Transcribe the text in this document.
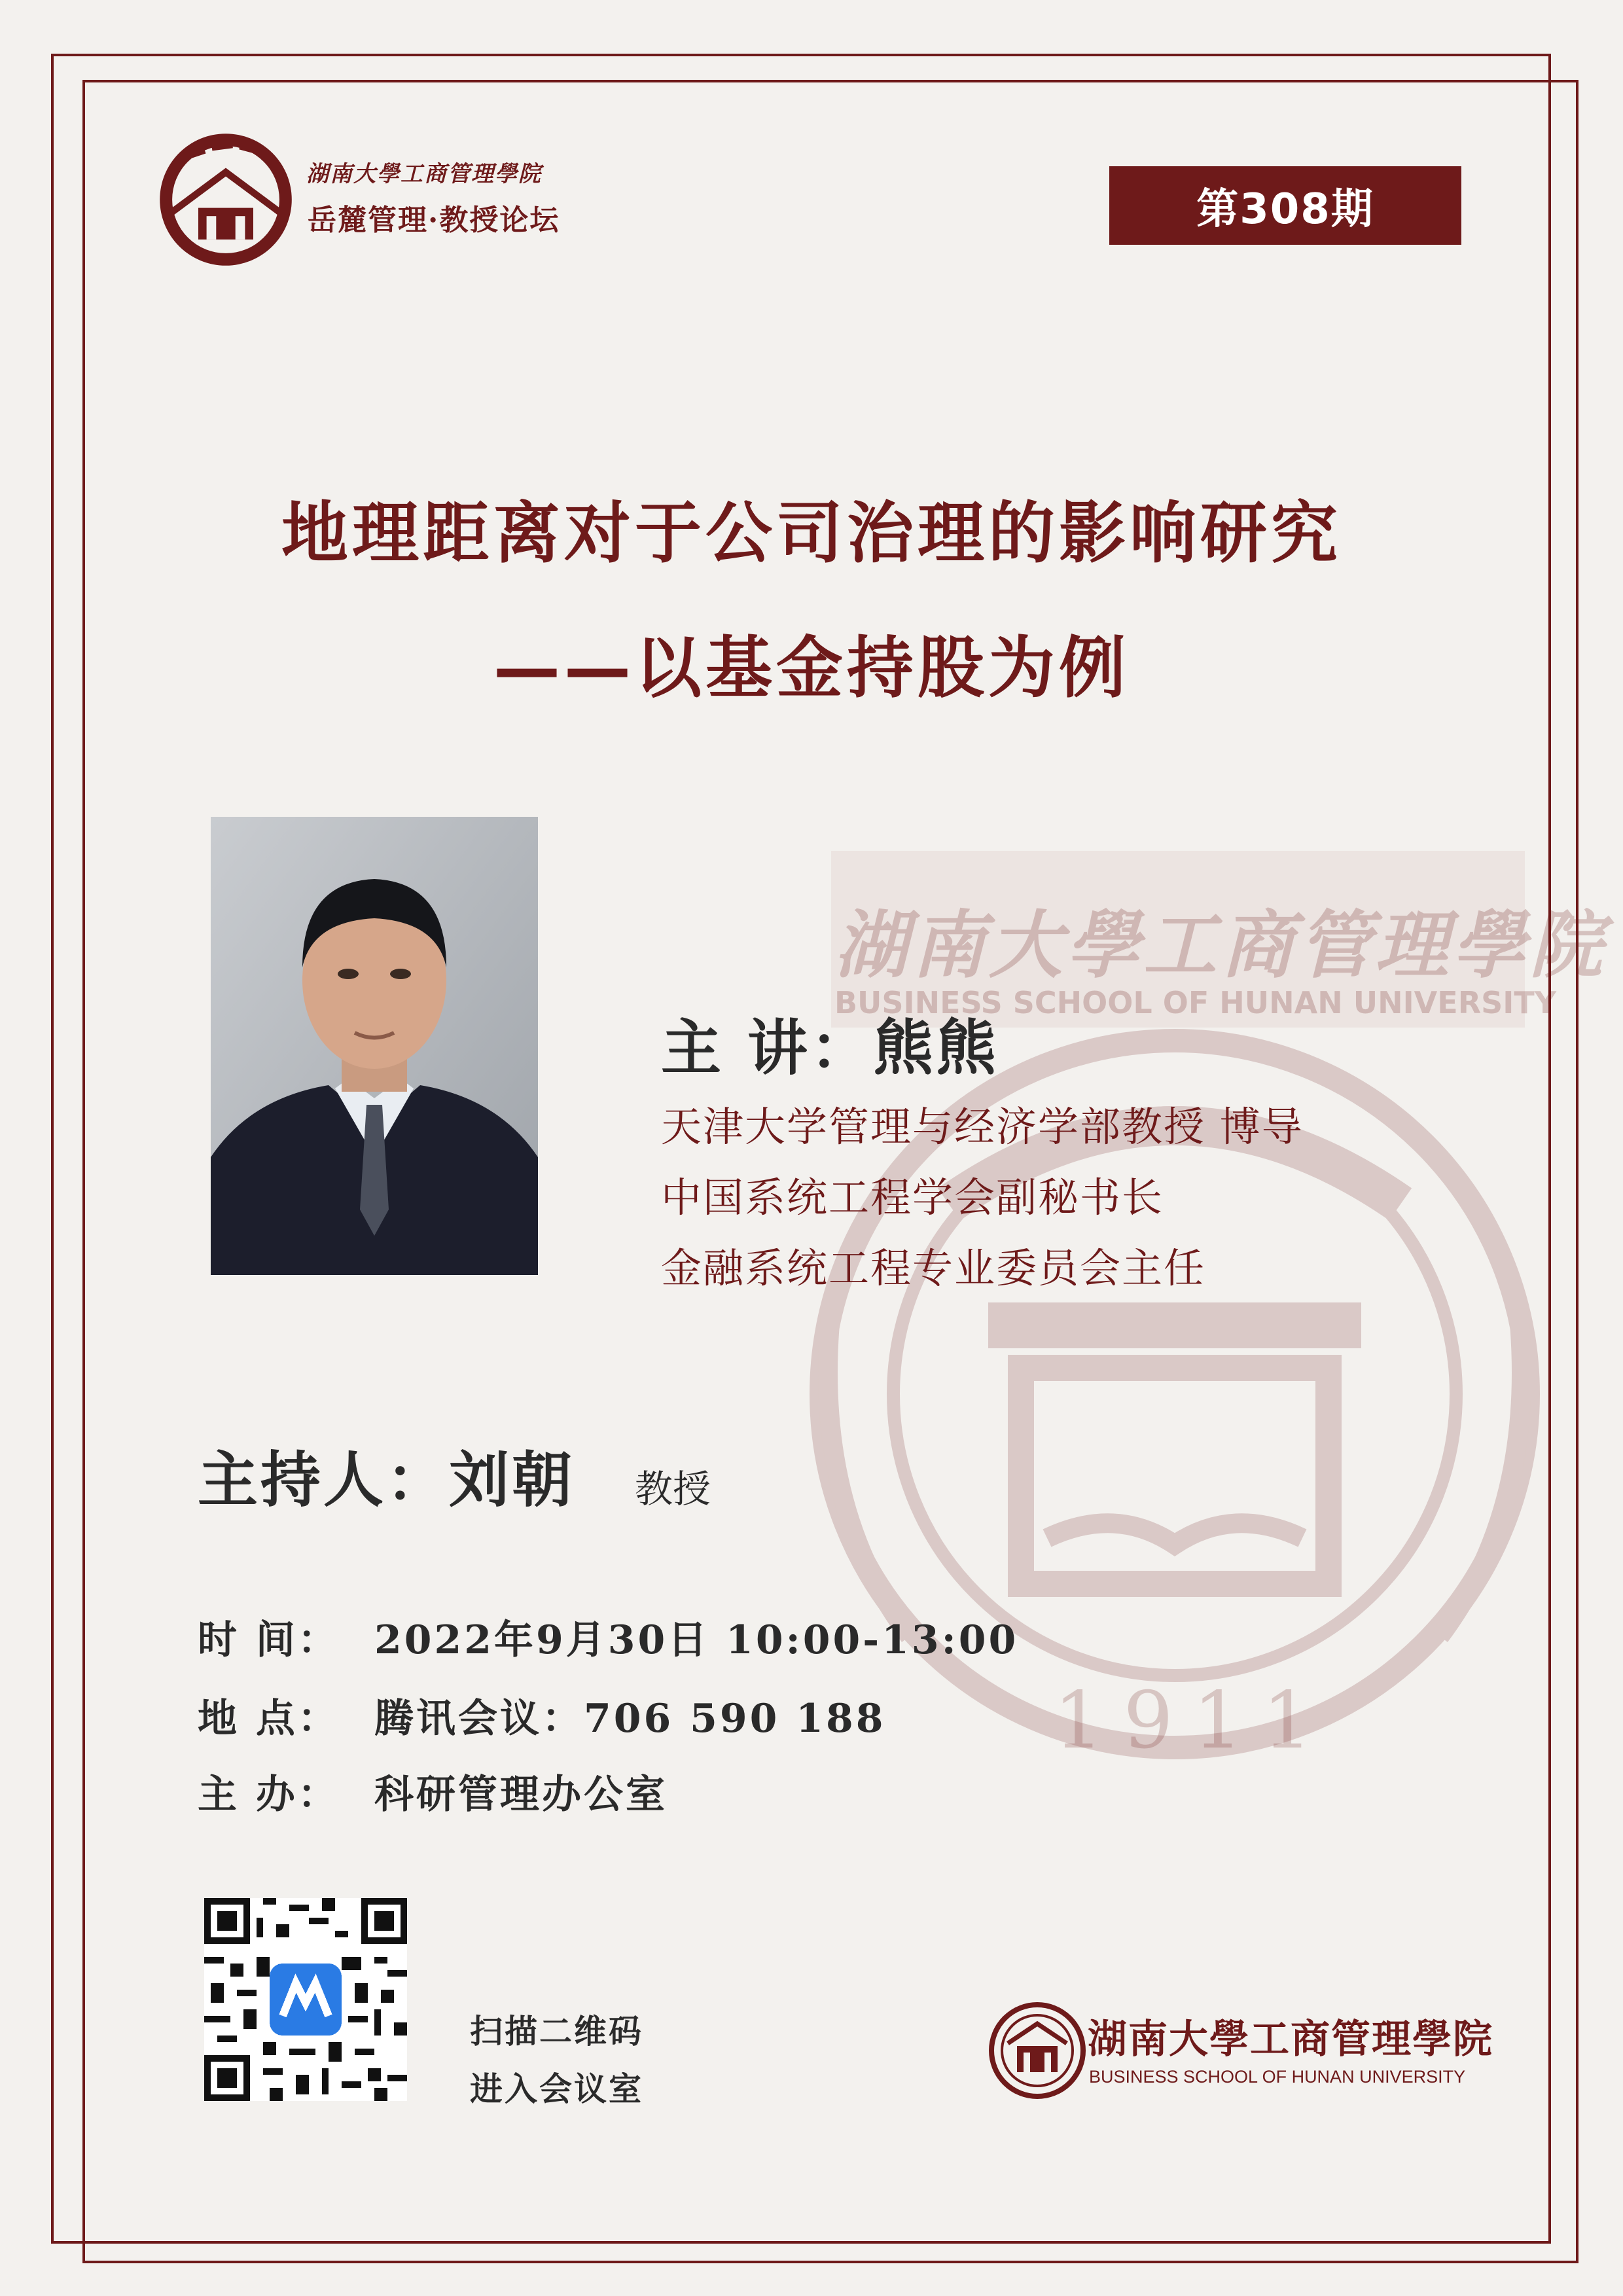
湖南大學工商管理學院
岳麓管理·教授论坛	第308期
地理距离对于公司治理的影响研究
——以基金持股为例
湖南大學工商管理學院
BUSINESS SCHOOL OF HUNAN UNIVERSITY
1911
主 讲：熊熊
天津大学管理与经济学部教授 博导
中国系统工程学会副秘书长
金融系统工程专业委员会主任
主持人：刘朝 教授
时 间： 2022年9月30日 10:00-13:00
地 点： 腾讯会议：706 590 188
主 办： 科研管理办公室
扫描二维码
进入会议室
湖南大學工商管理學院
BUSINESS SCHOOL OF HUNAN UNIVERSITY
